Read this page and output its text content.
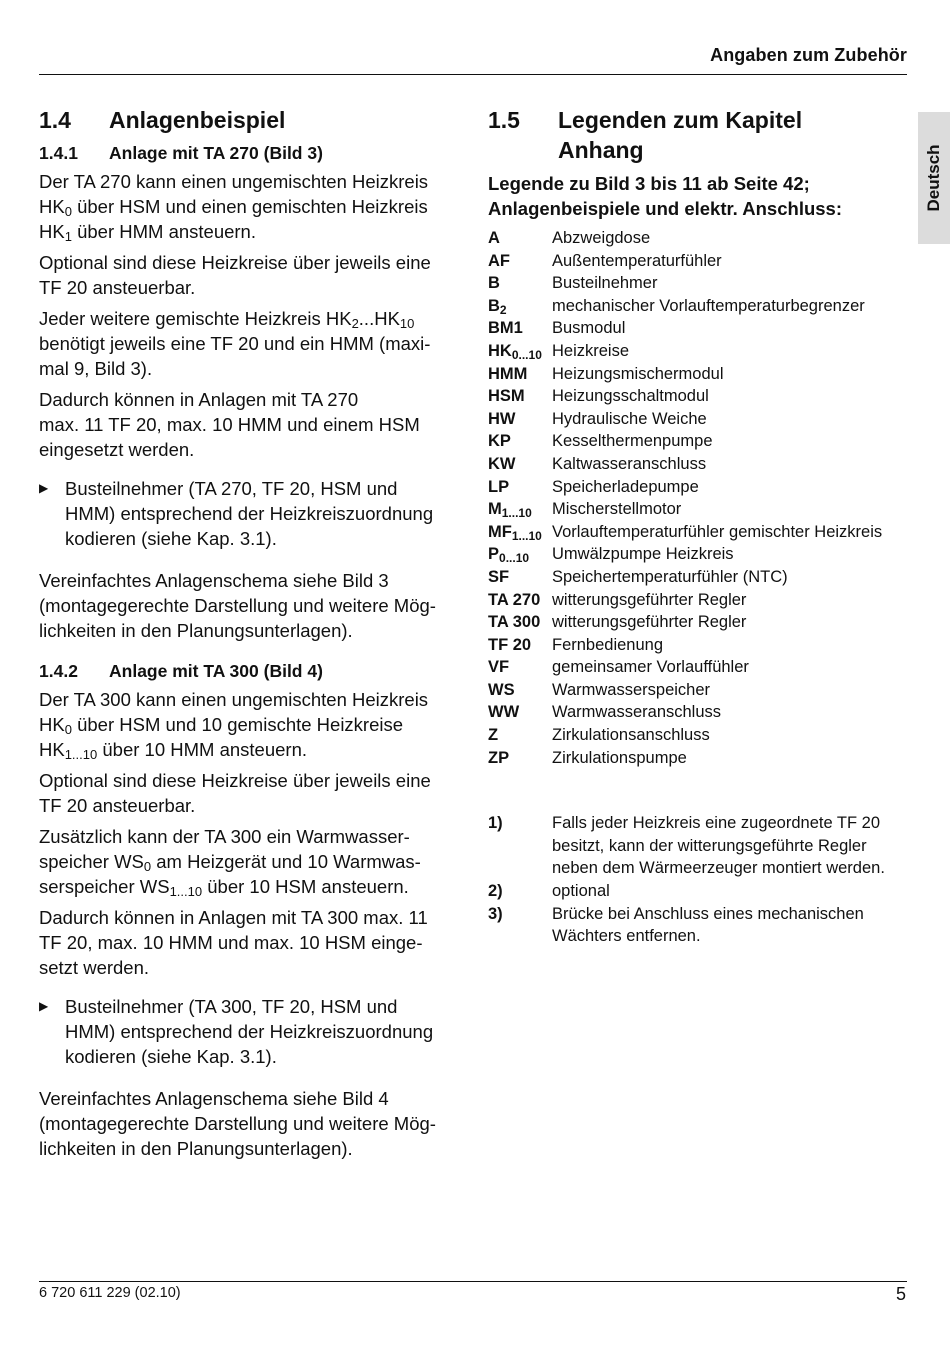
Angaben zum Zubehör
Deutsch
1.4	Anlagenbeispiel
1.4.1	Anlage mit TA 270 (Bild 3)

Der TA 270 kann einen ungemischten Heizkreis
$HK_0$ über HSM und einen gemischten Heizkreis
$HK_1$ über HMM ansteuern.

Optional sind diese Heizkreise über jeweils eine
TF 20 ansteuerbar.

Jeder weitere gemischte Heizkreis $HK_2...HK_{10}$
benötigt jeweils eine TF 20 und ein HMM (maxi-
mal 9, Bild 3).

Dadurch können in Anlagen mit TA 270
max. 11 TF 20, max. 10 HMM und einem HSM
eingesetzt werden.

▶ Busteilnehmer (TA 270, TF 20, HSM und
HMM) entsprechend der Heizkreiszuordnung
kodieren (siehe Kap. 3.1).

Vereinfachtes Anlagenschema siehe Bild 3
(montagegerechte Darstellung und weitere Mög-
lichkeiten in den Planungsunterlagen).

1.4.2	Anlage mit TA 300 (Bild 4)

Der TA 300 kann einen ungemischten Heizkreis
$HK_0$ über HSM und 10 gemischte Heizkreise
$HK_{1...10}$ über 10 HMM ansteuern.

Optional sind diese Heizkreise über jeweils eine
TF 20 ansteuerbar.

Zusätzlich kann der TA 300 ein Warmwasser-
speicher $WS_0$ am Heizgerät und 10 Warmwas-
serspeicher $WS_{1...10}$ über 10 HSM ansteuern.

Dadurch können in Anlagen mit TA 300 max. 11
TF 20, max. 10 HMM und max. 10 HSM einge-
setzt werden.

▶ Busteilnehmer (TA 300, TF 20, HSM und
HMM) entsprechend der Heizkreiszuordnung
kodieren (siehe Kap. 3.1).

Vereinfachtes Anlagenschema siehe Bild 4
(montagegerechte Darstellung und weitere Mög-
lichkeiten in den Planungsunterlagen).

1.5	Legenden zum Kapitel
Anhang
Legende zu Bild 3 bis 11 ab Seite 42;
Anlagenbeispiele und elektr. Anschluss:
A	Abzweigdose
AF	Außentemperaturfühler
B	Busteilnehmer
$B_2$	mechanischer Vorlauftemperaturbegrenzer
BM1	Busmodul
$HK_{0...10}$ Heizkreise
HMM	Heizungsmischermodul
HSM	Heizungsschaltmodul
HW	Hydraulische Weiche
KP	Kesselthermenpumpe
KW	Kaltwasseranschluss
LP	Speicherladepumpe
$M_{1...10}$	Mischerstellmotor
$MF_{1...10}$ Vorlauftemperaturfühler gemischter Heizkreis
$P_{0...10}$	Umwälzpumpe Heizkreis
SF	Speichertemperaturfühler (NTC)
TA 270 witterungsgeführter Regler
TA 300 witterungsgeführter Regler
TF 20	Fernbedienung
VF	gemeinsamer Vorlauffühler
WS	Warmwasserspeicher
WW	Warmwasseranschluss
Z	Zirkulationsanschluss
ZP	Zirkulationspumpe
1)	Falls jeder Heizkreis eine zugeordnete TF 20
besitzt, kann der witterungsgeführte Regler
neben dem Wärmeerzeuger montiert werden.
2)	optional
3)	Brücke bei Anschluss eines mechanischen
Wächters entfernen.
6 720 611 229 (02.10)	5
